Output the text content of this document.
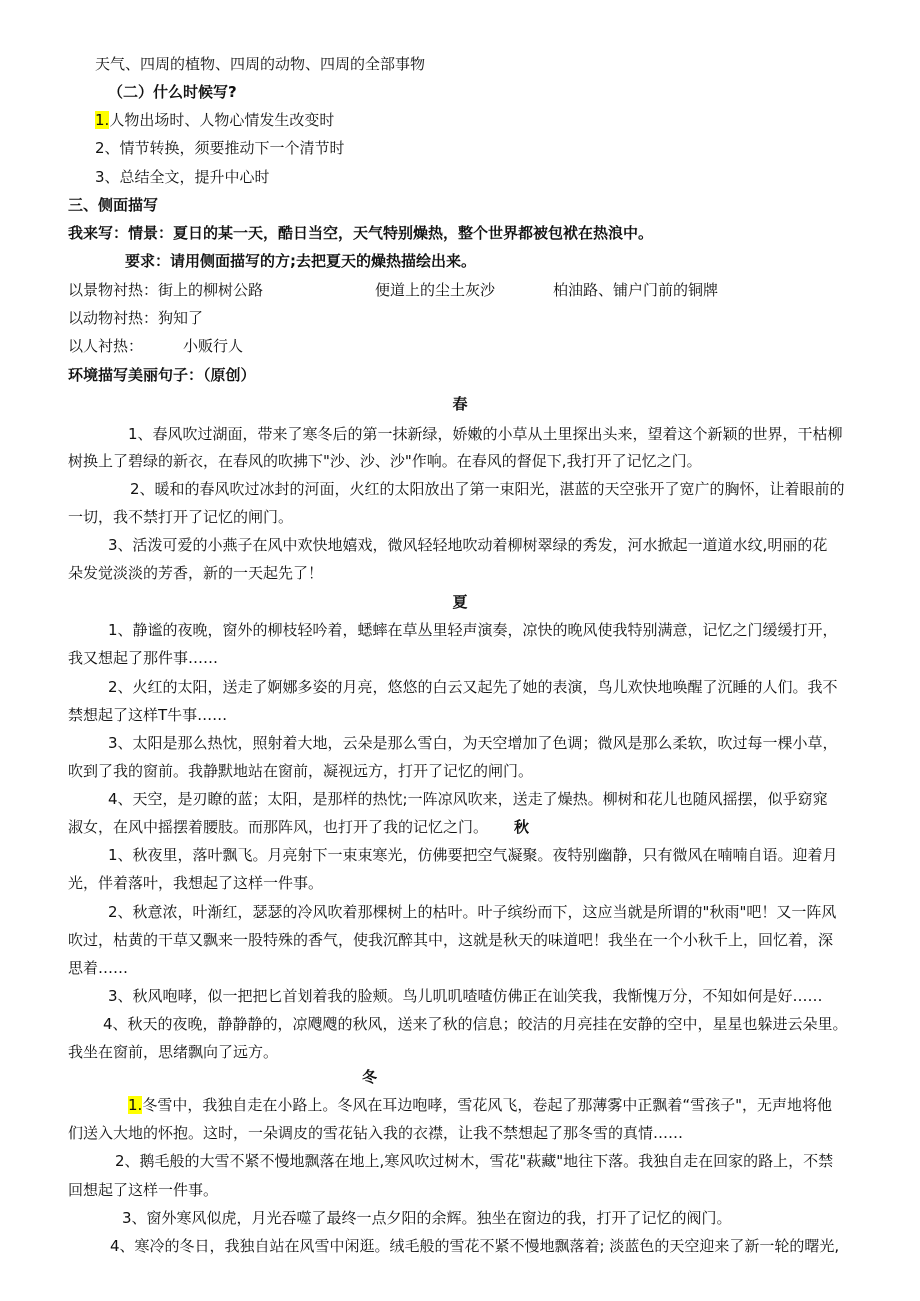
天气、四周的植物、四周的动物、四周的全部事物
（二）什么时候写?
1.人物出场时、人物心情发生改变时
2、情节转换，须要推动下一个清节时
3、总结全文，提升中心时
三、侧面描写
我来写：情景：夏日的某一天，酷日当空，天气特别燥热，整个世界都被包袱在热浪中。
要求：请用侧面描写的方;去把夏天的燥热描绘出来。
以景物衬热：街上的柳树公路	便道上的尘土灰沙	柏油路、铺户门前的铜牌
以动物衬热：狗知了
以人衬热：	小贩行人
环境描写美丽句子：（原创）
春
1、春风吹过湖面，带来了寒冬后的第一抹新绿，娇嫩的小草从土里探出头来，望着这个新颖的世界，干枯柳
树换上了碧绿的新衣，在春风的吹拂下"沙、沙、沙"作响。在春风的督促下,我打开了记忆之门。
2、暖和的春风吹过冰封的河面，火红的太阳放出了第一束阳光，湛蓝的天空张开了宽广的胸怀，让着眼前的
一切，我不禁打开了记忆的闸门。
3、活泼可爱的小燕子在风中欢快地嬉戏，微风轻轻地吹动着柳树翠绿的秀发，河水掀起一道道水纹,明丽的花
朵发觉淡淡的芳香，新的一天起先了！
夏
1、静谧的夜晚，窗外的柳枝轻吟着，蟋蟀在草丛里轻声演奏，凉快的晚风使我特别满意，记忆之门缓缓打开，
我又想起了那件事……
2、火红的太阳，送走了婀娜多姿的月亮，悠悠的白云又起先了她的表演，鸟儿欢快地唤醒了沉睡的人们。我不
禁想起了这样T牛事……
3、太阳是那么热忱，照射着大地，云朵是那么雪白，为天空增加了色调；微风是那么柔软，吹过每一棵小草，
吹到了我的窗前。我静默地站在窗前，凝视远方，打开了记忆的闸门。
4、天空，是刃瞭的蓝；太阳，是那样的热忱;一阵凉风吹来，送走了燥热。柳树和花儿也随风摇摆，似乎窈窕
淑女，在风中摇摆着腰肢。而那阵风，也打开了我的记忆之门。 秋
1、秋夜里，落叶飘飞。月亮射下一束束寒光，仿佛要把空气凝聚。夜特别幽静，只有微风在喃喃自语。迎着月
光，伴着落叶，我想起了这样一件事。
2、秋意浓，叶渐红，瑟瑟的冷风吹着那棵树上的枯叶。叶子缤纷而下，这应当就是所谓的"秋雨"吧！又一阵风
吹过，枯黄的干草又飘来一股特殊的香气，使我沉醉其中，这就是秋天的味道吧！我坐在一个小秋千上，回忆着，深
思着……
3、秋风咆哮，似一把把匕首划着我的脸颊。鸟儿叽叽喳喳仿佛正在讪笑我，我惭愧万分，不知如何是好……
4、秋天的夜晚，静静静的，凉飕飕的秋风，送来了秋的信息；皎洁的月亮挂在安静的空中，星星也躲进云朵里。
我坐在窗前，思绪飘向了远方。
冬
1.冬雪中，我独自走在小路上。冬风在耳边咆哮，雪花风飞，卷起了那薄雾中正飘着“雪孩子"，无声地将他
们送入大地的怀抱。这时，一朵调皮的雪花钻入我的衣襟，让我不禁想起了那冬雪的真情……
2、鹅毛般的大雪不紧不慢地飘落在地上,寒风吹过树木，雪花"萩藏"地往下落。我独自走在回家的路上，不禁
回想起了这样一件事。
3、窗外寒风似虎，月光吞噬了最终一点夕阳的余辉。独坐在窗边的我，打开了记忆的阀门。
4、寒冷的冬日，我独自站在风雪中闲逛。绒毛般的雪花不紧不慢地飘落着; 淡蓝色的天空迎来了新一轮的曙光,
